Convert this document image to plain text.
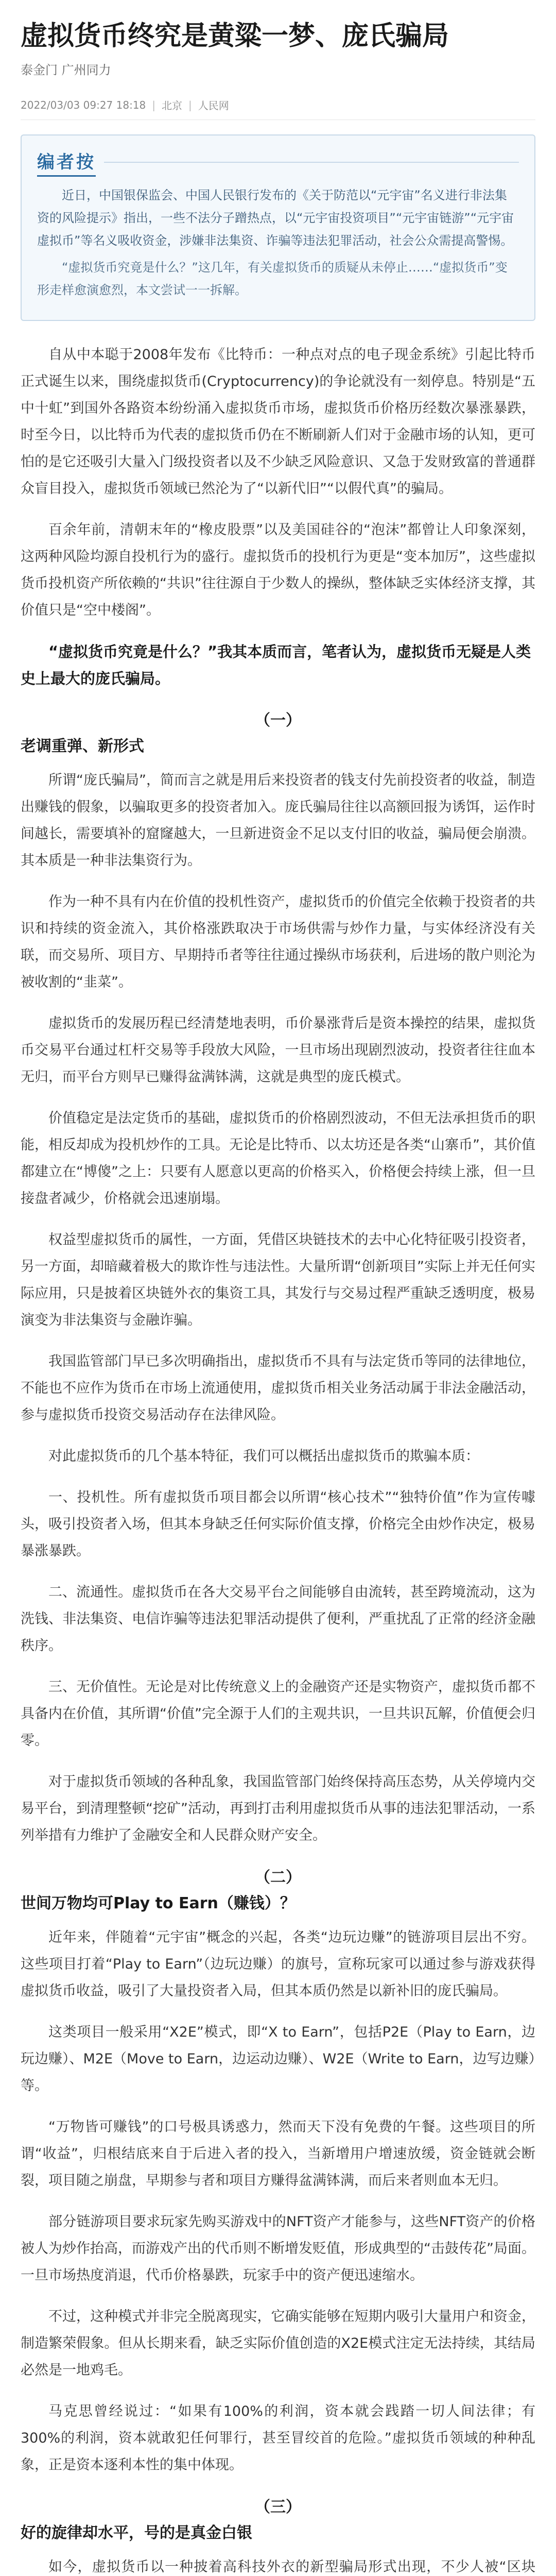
虚拟货币终究是黄粱一梦、庞氏骗局
泰金门 广州同力
2022/03/03 09:27 18:18 | 北京 | 人民网
编者按

近日，中国银保监会、中国人民银行发布的《关于防范以“元宇宙”名义进行非法集资的风险提示》指出，一些不法分子蹭热点，以“元宇宙投资项目”“元宇宙链游”“元宇宙虚拟币”等名义吸收资金，涉嫌非法集资、诈骗等违法犯罪活动，社会公众需提高警惕。

“虚拟货币究竟是什么？”这几年，有关虚拟货币的质疑从未停止……“虚拟货币”变形走样愈演愈烈，本文尝试一一拆解。

自从中本聪于2008年发布《比特币：一种点对点的电子现金系统》引起比特币正式诞生以来，围绕虚拟货币(Cryptocurrency)的争论就没有一刻停息。特别是“五中十虹”到国外各路资本纷纷涌入虚拟货币市场，虚拟货币价格历经数次暴涨暴跌，时至今日，以比特币为代表的虚拟货币仍在不断刷新人们对于金融市场的认知，更可怕的是它还吸引大量入门级投资者以及不少缺乏风险意识、又急于发财致富的普通群众盲目投入，虚拟货币领域已然沦为了“以新代旧”“以假代真”的骗局。

百余年前，清朝末年的“橡皮股票”以及美国硅谷的“泡沫”都曾让人印象深刻，这两种风险均源自投机行为的盛行。虚拟货币的投机行为更是“变本加厉”，这些虚拟货币投机资产所依赖的“共识”往往源自于少数人的操纵，整体缺乏实体经济支撑，其价值只是“空中楼阁”。

“虚拟货币究竟是什么？”我其本质而言，笔者认为，虚拟货币无疑是人类史上最大的庞氏骗局。

（一）
老调重弹、新形式

所谓“庞氏骗局”，简而言之就是用后来投资者的钱支付先前投资者的收益，制造出赚钱的假象，以骗取更多的投资者加入。庞氏骗局往往以高额回报为诱饵，运作时间越长，需要填补的窟窿越大，一旦新进资金不足以支付旧的收益，骗局便会崩溃。其本质是一种非法集资行为。

作为一种不具有内在价值的投机性资产，虚拟货币的价值完全依赖于投资者的共识和持续的资金流入，其价格涨跌取决于市场供需与炒作力量，与实体经济没有关联，而交易所、项目方、早期持币者等往往通过操纵市场获利，后进场的散户则沦为被收割的“韭菜”。

虚拟货币的发展历程已经清楚地表明，币价暴涨背后是资本操控的结果，虚拟货币交易平台通过杠杆交易等手段放大风险，一旦市场出现剧烈波动，投资者往往血本无归，而平台方则早已赚得盆满钵满，这就是典型的庞氏模式。

价值稳定是法定货币的基础，虚拟货币的价格剧烈波动，不但无法承担货币的职能，相反却成为投机炒作的工具。无论是比特币、以太坊还是各类“山寨币”，其价值都建立在“博傻”之上：只要有人愿意以更高的价格买入，价格便会持续上涨，但一旦接盘者减少，价格就会迅速崩塌。

权益型虚拟货币的属性，一方面，凭借区块链技术的去中心化特征吸引投资者，另一方面，却暗藏着极大的欺诈性与违法性。大量所谓“创新项目”实际上并无任何实际应用，只是披着区块链外衣的集资工具，其发行与交易过程严重缺乏透明度，极易演变为非法集资与金融诈骗。

我国监管部门早已多次明确指出，虚拟货币不具有与法定货币等同的法律地位，不能也不应作为货币在市场上流通使用，虚拟货币相关业务活动属于非法金融活动，参与虚拟货币投资交易活动存在法律风险。

对此虚拟货币的几个基本特征，我们可以概括出虚拟货币的欺骗本质：

一、投机性。所有虚拟货币项目都会以所谓“核心技术”“独特价值”作为宣传噱头，吸引投资者入场，但其本身缺乏任何实际价值支撑，价格完全由炒作决定，极易暴涨暴跌。

二、流通性。虚拟货币在各大交易平台之间能够自由流转，甚至跨境流动，这为洗钱、非法集资、电信诈骗等违法犯罪活动提供了便利，严重扰乱了正常的经济金融秩序。

三、无价值性。无论是对比传统意义上的金融资产还是实物资产，虚拟货币都不具备内在价值，其所谓“价值”完全源于人们的主观共识，一旦共识瓦解，价值便会归零。

对于虚拟货币领域的各种乱象，我国监管部门始终保持高压态势，从关停境内交易平台，到清理整顿“挖矿”活动，再到打击利用虚拟货币从事的违法犯罪活动，一系列举措有力维护了金融安全和人民群众财产安全。

（二）
世间万物均可Play to Earn（赚钱）？

近年来，伴随着“元宇宙”概念的兴起，各类“边玩边赚”的链游项目层出不穷。这些项目打着“Play to Earn”（边玩边赚）的旗号，宣称玩家可以通过参与游戏获得虚拟货币收益，吸引了大量投资者入局，但其本质仍然是以新补旧的庞氏骗局。

这类项目一般采用“X2E”模式，即“X to Earn”，包括P2E（Play to Earn，边玩边赚）、M2E（Move to Earn，边运动边赚）、W2E（Write to Earn，边写边赚）等。

“万物皆可赚钱”的口号极具诱惑力，然而天下没有免费的午餐。这些项目的所谓“收益”，归根结底来自于后进入者的投入，当新增用户增速放缓，资金链就会断裂，项目随之崩盘，早期参与者和项目方赚得盆满钵满，而后来者则血本无归。

部分链游项目要求玩家先购买游戏中的NFT资产才能参与，这些NFT资产的价格被人为炒作抬高，而游戏产出的代币则不断增发贬值，形成典型的“击鼓传花”局面。一旦市场热度消退，代币价格暴跌，玩家手中的资产便迅速缩水。

不过，这种模式并非完全脱离现实，它确实能够在短期内吸引大量用户和资金，制造繁荣假象。但从长期来看，缺乏实际价值创造的X2E模式注定无法持续，其结局必然是一地鸡毛。

马克思曾经说过：“如果有100%的利润，资本就会践踏一切人间法律；有300%的利润，资本就敢犯任何罪行，甚至冒绞首的危险。”虚拟货币领域的种种乱象，正是资本逐利本性的集中体现。

（三）
好的旋律却水平，号的是真金白银

如今，虚拟货币以一种披着高科技外衣的新型骗局形式出现，不少人被“区块
